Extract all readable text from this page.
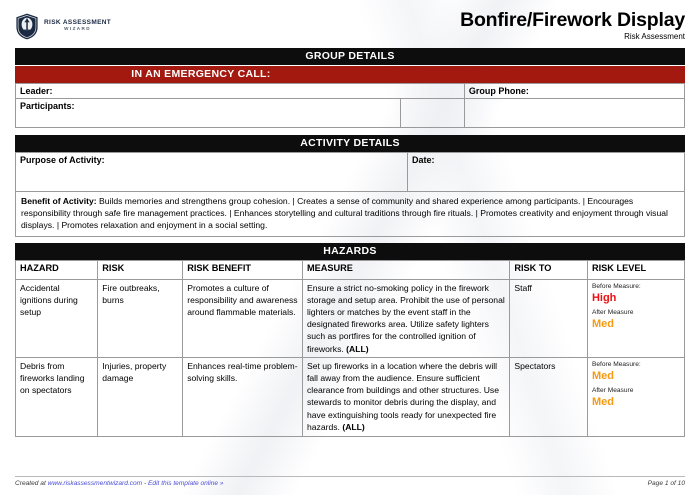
RISK ASSESSMENT
WIZARD	Bonfire/Firework Display
Risk Assessment
GROUP DETAILS
IN AN EMERGENCY CALL:
Leader:		Group Phone:
Participants:		
ACTIVITY DETAILS
Purpose of Activity:	Date:
Benefit of Activity: Builds memories and strengthens group cohesion. | Creates a sense of community and shared experience among participants. | Encourages responsibility through safe fire management practices. | Enhances storytelling and cultural traditions through fire rituals. | Promotes creativity and enjoyment through visual displays. | Promotes relaxation and enjoyment in a social setting.
HAZARDS
HAZARD	RISK	RISK BENEFIT	MEASURE	RISK TO	RISK LEVEL
Accidental ignitions during setup	Fire outbreaks, burns	Promotes a culture of responsibility and awareness around flammable materials.	Ensure a strict no-smoking policy in the firework storage and setup area. Prohibit the use of personal lighters or matches by the event staff in the designated fireworks area. Utilize safety lighters such as portfires for the controlled ignition of fireworks. (ALL)	Staff	Before Measure:
High
After Measure
Med

Debris from fireworks landing on spectators	Injuries, property damage	Enhances real-time problem-solving skills.	Set up fireworks in a location where the debris will fall away from the audience. Ensure sufficient clearance from buildings and other structures. Use stewards to monitor debris during the display, and have extinguishing tools ready for unexpected fire hazards. (ALL)	Spectators	Before Measure:
Med
After Measure
Med
Created at www.riskassessmentwizard.com - Edit this template online »	Page 1 of 10
